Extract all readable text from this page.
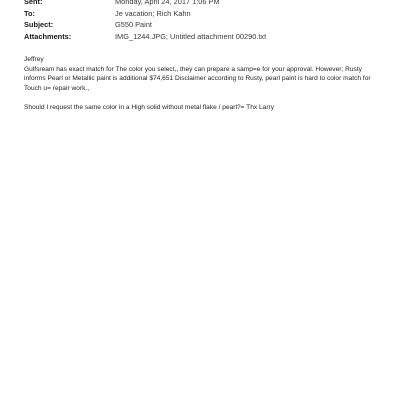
Sent:	Monday, April 24, 2017 1:06 PM
To:	Je vacation; Rich Kahn
Subject:	G550 Paint
Attachments:	IMG_1244.JPG; Untitled attachment 00290.txt

Jeffrey

Gulfsream has exact match for The color you select,, they can prepare a samp=e for your approval. However; Rusty informs Pearl or Metallic paint is additional $74,651 Disclaimer according to Rusty, pearl paint is hard to color match for Touch u= repair work.,

Should I request the same color in a High solid without metal flake / pearl?= Thx Larry
